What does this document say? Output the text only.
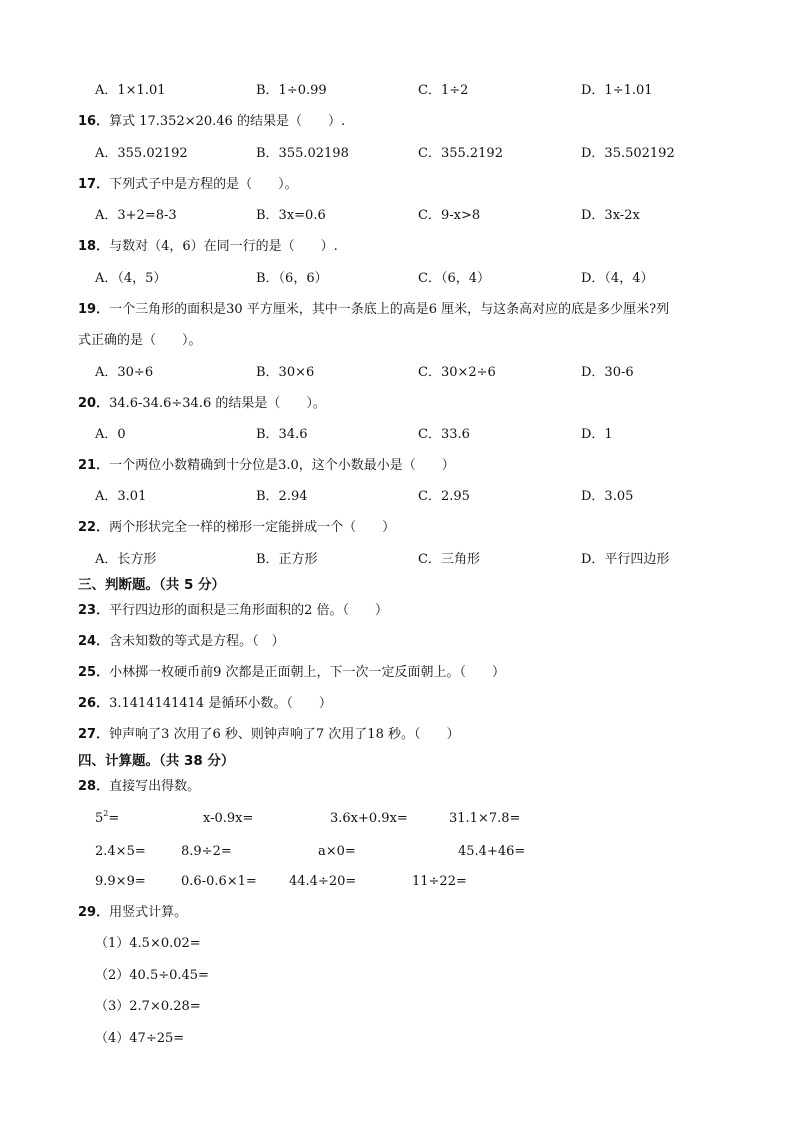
A．1×1.01	B．1÷0.99	C．1÷2	D．1÷1.01
16．算式 17.352×20.46 的结果是（　　）.
A．355.02192	B．355.02198	C．355.2192	D．35.502192
17．下列式子中是方程的是（　　）。
A．3+2=8-3	B．3x=0.6	C．9-x>8	D．3x-2x
18．与数对（4，6）在同一行的是（　　）.
A．（4，5）	B．（6，6）	C．（6，4）	D．（4，4）
19．一个三角形的面积是30 平方厘米，其中一条底上的高是6 厘米，与这条高对应的底是多少厘米?列
式正确的是（　　）。
A．30÷6	B．30×6	C．30×2÷6	D．30-6
20．34.6-34.6÷34.6 的结果是（　　）。
A．0	B．34.6	C．33.6	D．1
21．一个两位小数精确到十分位是3.0，这个小数最小是（　　）
A．3.01	B．2.94	C．2.95	D．3.05
22．两个形状完全一样的梯形一定能拼成一个（　　）
A．长方形	B．正方形	C．三角形	D．平行四边形
三、判断题。（共 5 分）
23．平行四边形的面积是三角形面积的2 倍。（　　）
24．含未知数的等式是方程。（　）
25．小林掷一枚硬币前9 次都是正面朝上，下一次一定反面朝上。（　　）
26．3.1414141414 是循环小数。（　　）
27．钟声响了3 次用了6 秒、则钟声响了7 次用了18 秒。（　　）
四、计算题。（共 38 分）
28．直接写出得数。
$5^2=$	x-0.9x=	3.6x+0.9x=	31.1×7.8=
2.4×5=	8.9÷2=	a×0=	45.4+46=
9.9×9=	0.6-0.6×1= 44.4÷20=	11÷22=
29．用竖式计算。
（1）4.5×0.02=
（2）40.5÷0.45=
（3）2.7×0.28=
（4）47÷25=
